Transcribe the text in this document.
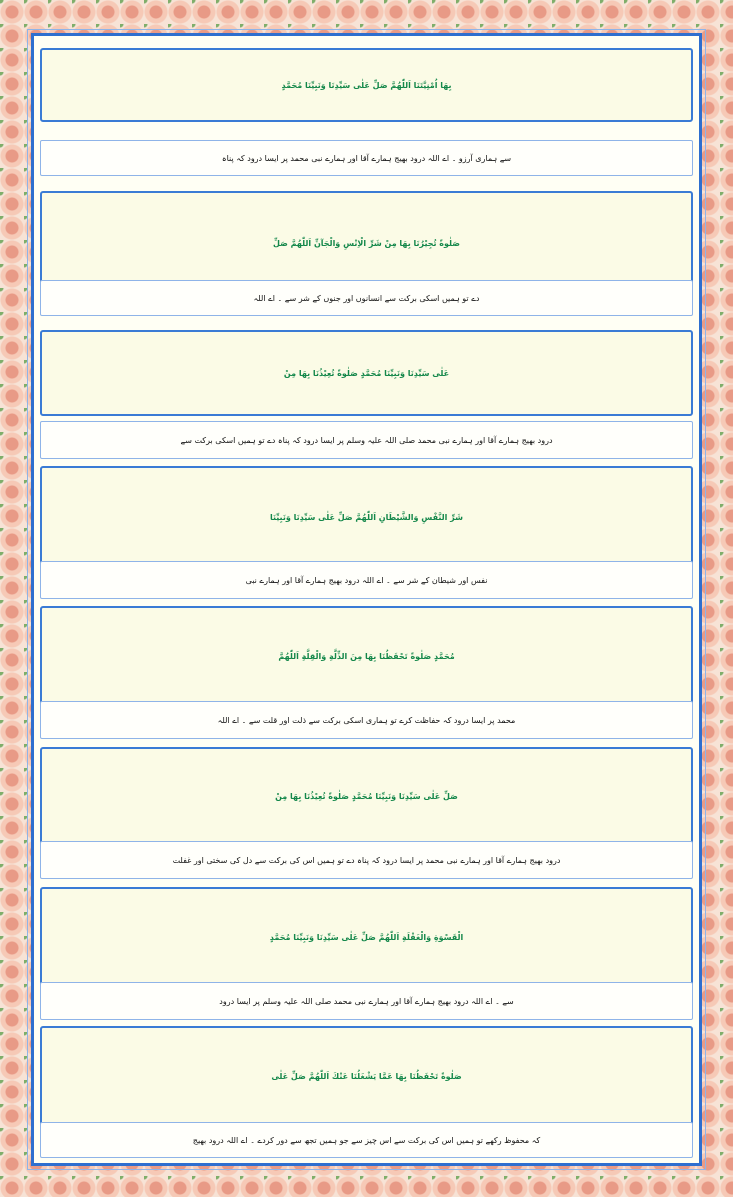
بِهَا اُمْنِيَّتَنَا اَللّٰهُمَّ صَلِّ عَلٰى سَيِّدِنَا وَنَبِيِّنَا مُحَمَّدٍ
سے ہماری آرزو ۔ اے اللہ درود بھیج ہمارے آقا اور ہمارے نبی محمد پر ایسا درود کہ پناہ
صَلٰوةً تُجِيْرُنَا بِهَا مِنْ شَرِّ الْاِنْسِ وَالْجَآنِّ اَللّٰهُمَّ صَلِّ
دے تو ہمیں اسکی برکت سے انسانوں اور جنوں کے شر سے ۔ اے اللہ
عَلٰى سَيِّدِنَا وَنَبِيِّنَا مُحَمَّدٍ صَلٰوةً تُعِيْذُنَا بِهَا مِنْ
درود بھیج ہمارے آقا اور ہمارے نبی محمد صلی اللہ علیہ وسلم پر ایسا درود کہ پناہ دے تو ہمیں اسکی برکت سے
شَرِّ النَّفْسِ وَالشَّيْطَانِ اَللّٰهُمَّ صَلِّ عَلٰى سَيِّدِنَا وَنَبِيِّنَا
نفس اور شیطان کے شر سے ۔ اے اللہ درود بھیج ہمارے آقا اور ہمارے نبی
مُحَمَّدٍ صَلٰوةً تَحْفَظُنَا بِهَا مِنَ الذِّلَّةِ وَالْقِلَّةِ اَللّٰهُمَّ
محمد پر ایسا درود کہ حفاظت کرے تو ہماری اسکی برکت سے ذلت اور قلت سے ۔ اے اللہ
صَلِّ عَلٰى سَيِّدِنَا وَنَبِيِّنَا مُحَمَّدٍ صَلٰوةً تُعِيْذُنَا بِهَا مِنْ
درود بھیج ہمارے آقا اور ہمارے نبی محمد پر ایسا درود کہ پناہ دے تو ہمیں اس کی برکت سے دل کی سختی اور غفلت
الْقَسْوَةِ وَالْغَفْلَةِ اَللّٰهُمَّ صَلِّ عَلٰى سَيِّدِنَا وَنَبِيِّنَا مُحَمَّدٍ
سے ۔ اے اللہ درود بھیج ہمارے آقا اور ہمارے نبی محمد صلی اللہ علیہ وسلم پر ایسا درود
صَلٰوةً تَحْفَظُنَا بِهَا عَمَّا يَشْغَلُنَا عَنْكَ اَللّٰهُمَّ صَلِّ عَلٰى
کہ محفوظ رکھے تو ہمیں اس کی برکت سے اس چیز سے جو ہمیں تجھ سے دور کردے ۔ اے اللہ درود بھیج
